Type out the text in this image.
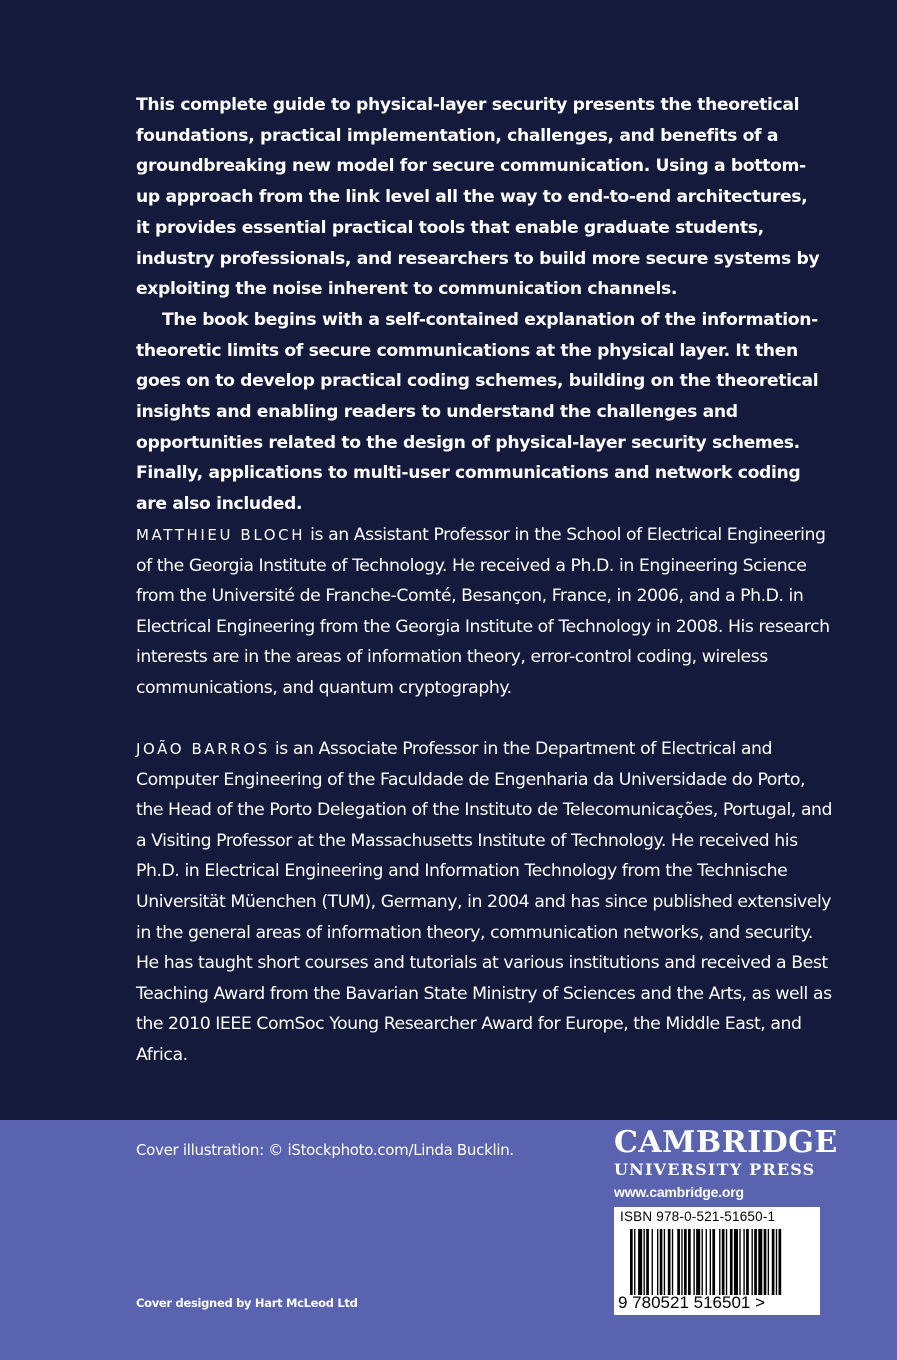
This complete guide to physical-layer security presents the theoretical foundations, practical implementation, challenges, and benefits of a groundbreaking new model for secure communication. Using a bottom-up approach from the link level all the way to end-to-end architectures, it provides essential practical tools that enable graduate students, industry professionals, and researchers to build more secure systems by exploiting the noise inherent to communication channels.

The book begins with a self-contained explanation of the information-theoretic limits of secure communications at the physical layer. It then goes on to develop practical coding schemes, building on the theoretical insights and enabling readers to understand the challenges and opportunities related to the design of physical-layer security schemes. Finally, applications to multi-user communications and network coding are also included.

MATTHIEU BLOCH is an Assistant Professor in the School of Electrical Engineering of the Georgia Institute of Technology. He received a Ph.D. in Engineering Science from the Université de Franche-Comté, Besançon, France, in 2006, and a Ph.D. in Electrical Engineering from the Georgia Institute of Technology in 2008. His research interests are in the areas of information theory, error-control coding, wireless communications, and quantum cryptography.

JOÃO BARROS is an Associate Professor in the Department of Electrical and Computer Engineering of the Faculdade de Engenharia da Universidade do Porto, the Head of the Porto Delegation of the Instituto de Telecomunicações, Portugal, and a Visiting Professor at the Massachusetts Institute of Technology. He received his Ph.D. in Electrical Engineering and Information Technology from the Technische Universität Müenchen (TUM), Germany, in 2004 and has since published extensively in the general areas of information theory, communication networks, and security. He has taught short courses and tutorials at various institutions and received a Best Teaching Award from the Bavarian State Ministry of Sciences and the Arts, as well as the 2010 IEEE ComSoc Young Researcher Award for Europe, the Middle East, and Africa.

Cover illustration: © iStockphoto.com/Linda Bucklin.
Cover designed by Hart McLeod Ltd
CAMBRIDGE
UNIVERSITY PRESS
www.cambridge.org
ISBN 978-0-521-51650-1
9 780521 516501 >
